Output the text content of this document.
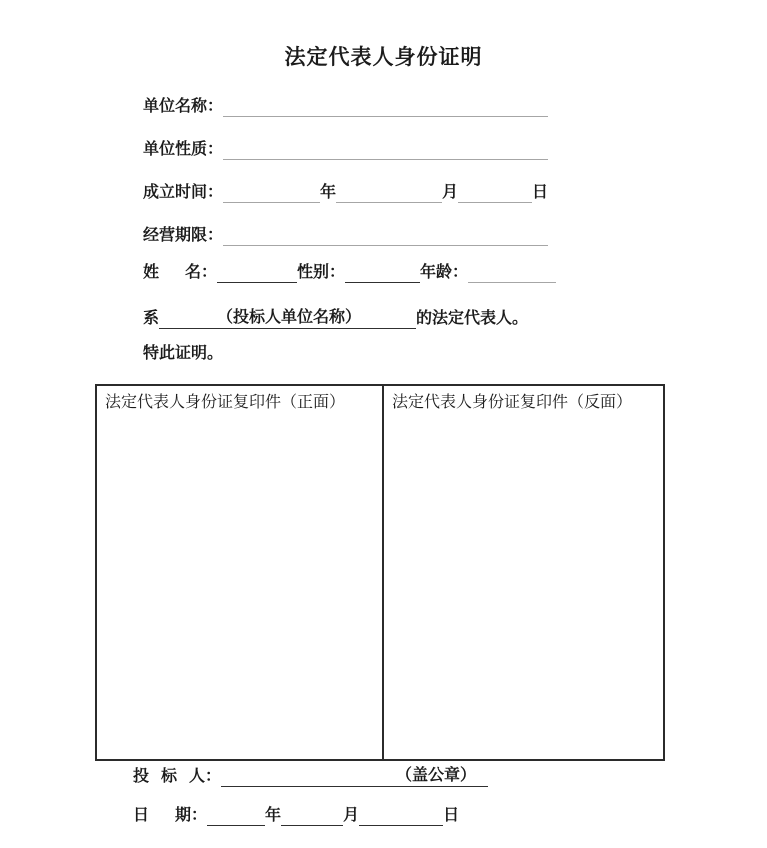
法定代表人身份证明
单位名称：
单位性质：
成立时间：	年	月	日
经营期限：
姓 名：	性别：	年龄：
系	（投标人单位名称）	的法定代表人。
特此证明。
法定代表人身份证复印件（正面）	法定代表人身份证复印件（反面）
投 标 人：	（盖公章）
日 期：	年	月	日
